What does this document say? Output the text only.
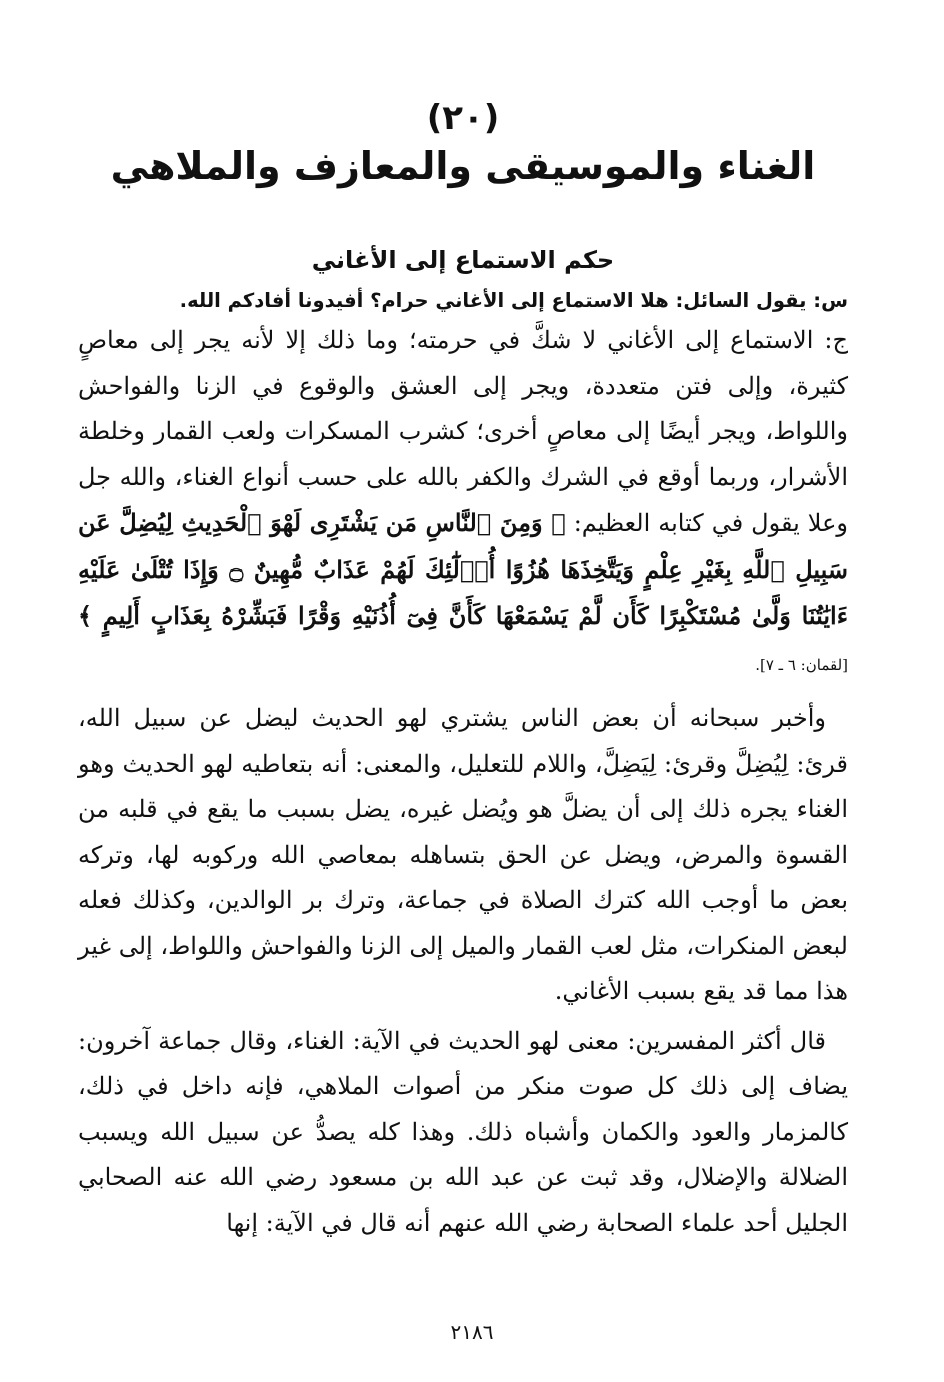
(٢٠)
الغناء والموسيقى والمعازف والملاهي
حكم الاستماع إلى الأغاني
س: يقول السائل: هلا الاستماع إلى الأغاني حرام؟ أفيدونا أفادكم الله.

ج: الاستماع إلى الأغاني لا شكَّ في حرمته؛ وما ذلك إلا لأنه يجر إلى معاصٍ كثيرة، وإلى فتن متعددة، ويجر إلى العشق والوقوع في الزنا والفواحش واللواط، ويجر أيضًا إلى معاصٍ أخرى؛ كشرب المسكرات ولعب القمار وخلطة الأشرار، وربما أوقع في الشرك والكفر بالله على حسب أنواع الغناء، والله جل وعلا يقول في كتابه العظيم: ﴿ وَمِنَ ٱلنَّاسِ مَن يَشْتَرِى لَهْوَ ٱلْحَدِيثِ لِيُضِلَّ عَن سَبِيلِ ٱللَّهِ بِغَيْرِ عِلْمٍ وَيَتَّخِذَهَا هُزُوًا أُو۟لَٰٓئِكَ لَهُمْ عَذَابٌ مُّهِينٌ ۝ وَإِذَا تُتْلَىٰ عَلَيْهِ ءَايَٰتُنَا وَلَّىٰ مُسْتَكْبِرًا كَأَن لَّمْ يَسْمَعْهَا كَأَنَّ فِىٓ أُذُنَيْهِ وَقْرًا فَبَشِّرْهُ بِعَذَابٍ أَلِيمٍ ﴾ [لقمان: ٦ ـ ٧].

وأخبر سبحانه أن بعض الناس يشتري لهو الحديث ليضل عن سبيل الله، قرئ: لِيُضِلَّ وقرئ: لِيَضِلَّ، واللام للتعليل، والمعنى: أنه بتعاطيه لهو الحديث وهو الغناء يجره ذلك إلى أن يضلَّ هو ويُضل غيره، يضل بسبب ما يقع في قلبه من القسوة والمرض، ويضل عن الحق بتساهله بمعاصي الله وركوبه لها، وتركه بعض ما أوجب الله كترك الصلاة في جماعة، وترك بر الوالدين، وكذلك فعله لبعض المنكرات، مثل لعب القمار والميل إلى الزنا والفواحش واللواط، إلى غير هذا مما قد يقع بسبب الأغاني.

قال أكثر المفسرين: معنى لهو الحديث في الآية: الغناء، وقال جماعة آخرون: يضاف إلى ذلك كل صوت منكر من أصوات الملاهي، فإنه داخل في ذلك، كالمزمار والعود والكمان وأشباه ذلك. وهذا كله يصدُّ عن سبيل الله ويسبب الضلالة والإضلال، وقد ثبت عن عبد الله بن مسعود رضي الله عنه الصحابي الجليل أحد علماء الصحابة رضي الله عنهم أنه قال في الآية: إنها

٢١٨٦
